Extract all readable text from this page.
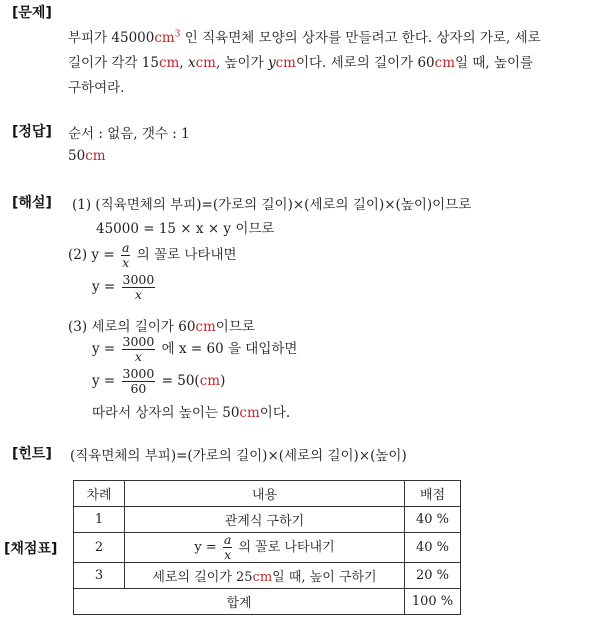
[문제]
부피가 $45000cm^3$ 인 직육면체 모양의 상자를 만들려고 한다. 상자의 가로, 세로
길이가 각각 15cm, xcm, 높이가 ycm이다. 세로의 길이가 60cm일 때, 높이를
구하여라.
[정답] 순서 : 없음, 갯수 : 1
50cm
[해설] (1) (직육면체의 부피)=(가로의 길이)×(세로의 길이)×(높이)이므로
45000 = 15 × x × y 이므로
(2) $y = \frac{a}{x}$ 의 꼴로 나타내면
$y = \frac{3000}{x}$
(3) 세로의 길이가 60cm이므로
$y = \frac{3000}{x}$ 에 x = 60 을 대입하면
$y = \frac{3000}{60} = 50(cm)$
따라서 상자의 높이는 50cm이다.
[힌트] (직육면체의 부피)=(가로의 길이)×(세로의 길이)×(높이)
[채점표]
차례	내용	배점
1	관계식 구하기	40 %
2	$y = \frac{a}{x}$ 의 꼴로 나타내기	40 %
3	세로의 길이가 25cm일 때, 높이 구하기	20 %
합계		100 %
